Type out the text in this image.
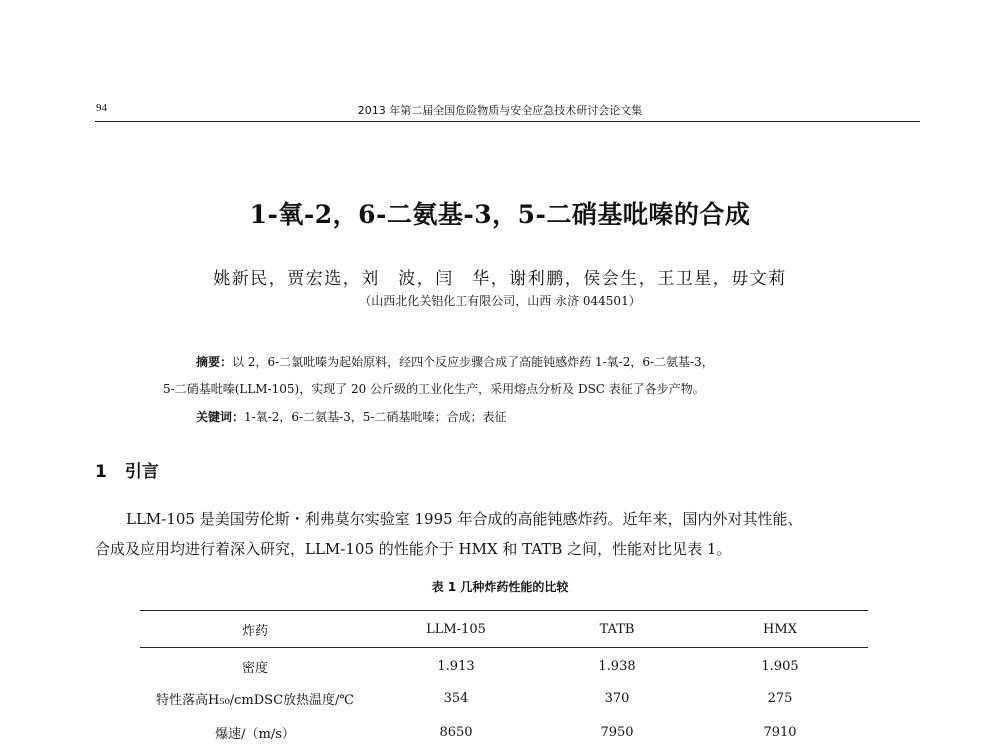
94	2013 年第二届全国危险物质与安全应急技术研讨会论文集
1-氧-2，6-二氨基-3，5-二硝基吡嗪的合成
姚新民，贾宏选，刘　波，闫　华，谢利鹏，侯会生，王卫星，毋文莉
（山西北化关铝化工有限公司，山西 永济 044501）
摘要：以 2，6-二氯吡嗪为起始原料，经四个反应步骤合成了高能钝感炸药 1-氧-2，6-二氨基-3，
5-二硝基吡嗪(LLM-105)，实现了 20 公斤级的工业化生产，采用熔点分析及 DSC 表征了各步产物。
关键词：1-氧-2，6-二氨基-3，5-二硝基吡嗪；合成；表征
1 引言
LLM-105 是美国劳伦斯・利弗莫尔实验室 1995 年合成的高能钝感炸药。近年来，国内外对其性能、
合成及应用均进行着深入研究，LLM-105 的性能介于 HMX 和 TATB 之间，性能对比见表 1。
表 1 几种炸药性能的比较
炸药	LLM-105	TATB	HMX
密度	1.913	1.938	1.905
特性落高H₅₀/cmDSC放热温度/℃	354	370	275
爆速/（m/s）	8650	7950	7910
